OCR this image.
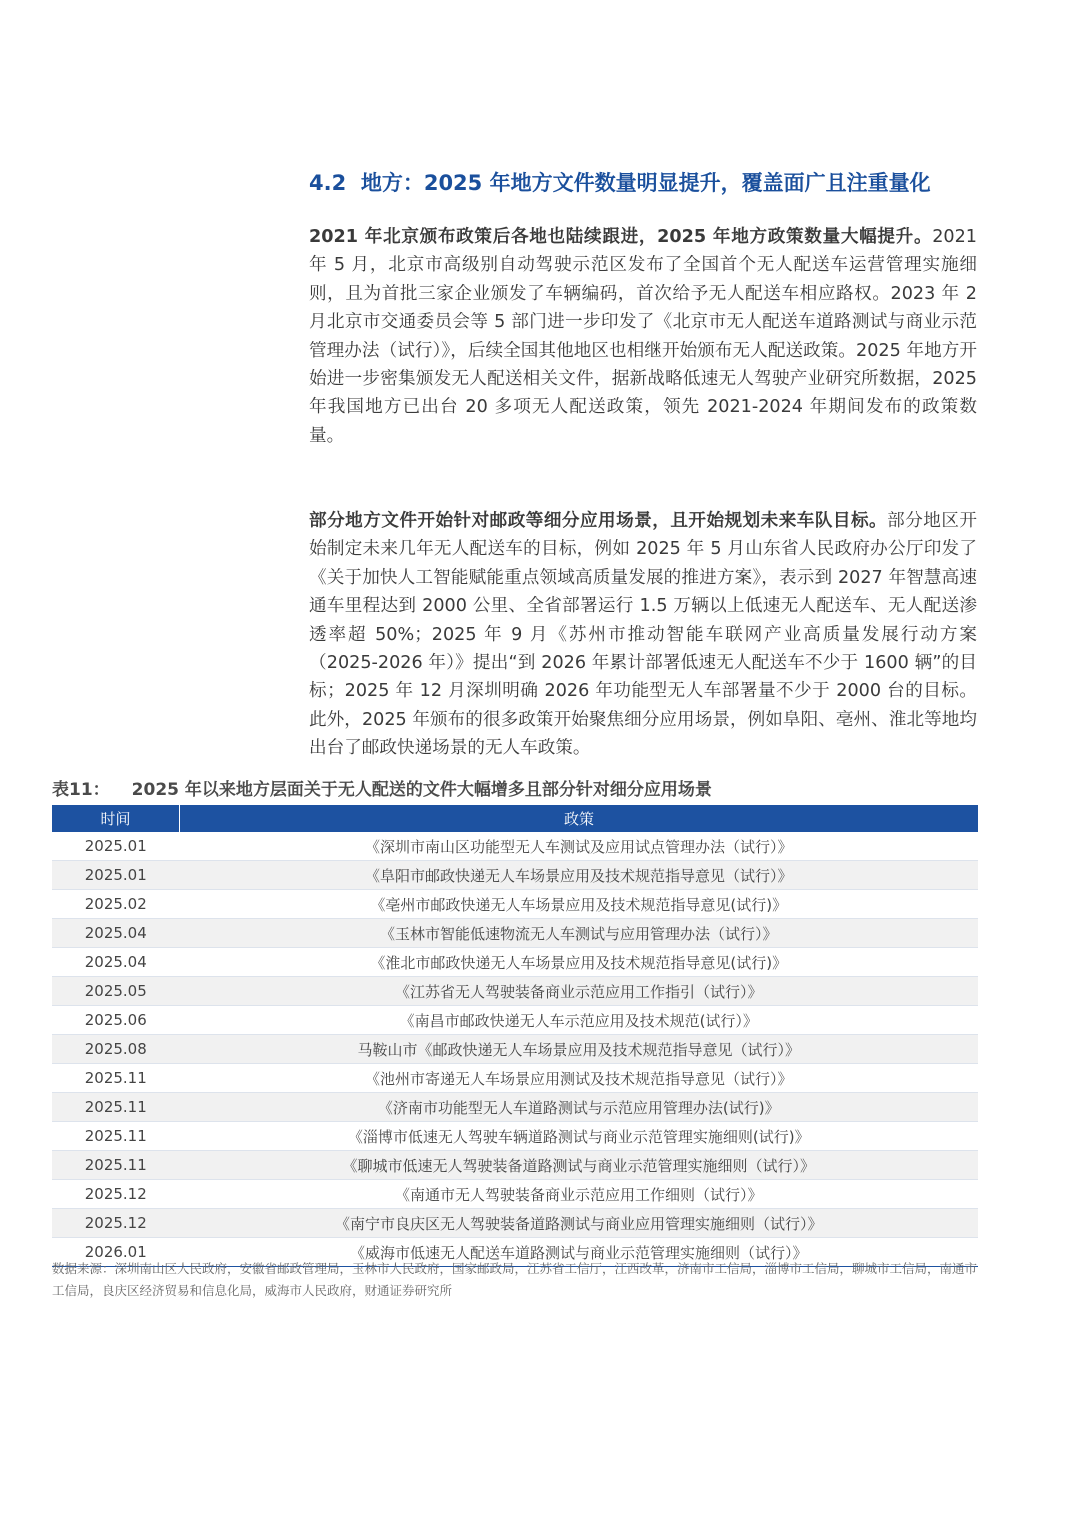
4.2 地方：2025 年地方文件数量明显提升，覆盖面广且注重量化

2021 年北京颁布政策后各地也陆续跟进，2025 年地方政策数量大幅提升。2021 年 5 月，北京市高级别自动驾驶示范区发布了全国首个无人配送车运营管理实施细则，且为首批三家企业颁发了车辆编码，首次给予无人配送车相应路权。2023 年 2 月北京市交通委员会等 5 部门进一步印发了《北京市无人配送车道路测试与商业示范管理办法（试行）》，后续全国其他地区也相继开始颁布无人配送政策。2025 年地方开始进一步密集颁发无人配送相关文件，据新战略低速无人驾驶产业研究所数据，2025 年我国地方已出台 20 多项无人配送政策，领先 2021-2024 年期间发布的政策数量。

部分地方文件开始针对邮政等细分应用场景，且开始规划未来车队目标。部分地区开始制定未来几年无人配送车的目标，例如 2025 年 5 月山东省人民政府办公厅印发了《关于加快人工智能赋能重点领域高质量发展的推进方案》，表示到 2027 年智慧高速通车里程达到 2000 公里、全省部署运行 1.5 万辆以上低速无人配送车、无人配送渗透率超 50%；2025 年 9 月《苏州市推动智能车联网产业高质量发展行动方案（2025-2026 年）》提出“到 2026 年累计部署低速无人配送车不少于 1600 辆”的目标；2025 年 12 月深圳明确 2026 年功能型无人车部署量不少于 2000 台的目标。此外，2025 年颁布的很多政策开始聚焦细分应用场景，例如阜阳、亳州、淮北等地均出台了邮政快递场景的无人车政策。

表11： 2025 年以来地方层面关于无人配送的文件大幅增多且部分针对细分应用场景
时间	政策
2025.01	《深圳市南山区功能型无人车测试及应用试点管理办法（试行）》
2025.01	《阜阳市邮政快递无人车场景应用及技术规范指导意见（试行）》
2025.02	《亳州市邮政快递无人车场景应用及技术规范指导意见(试行)》
2025.04	《玉林市智能低速物流无人车测试与应用管理办法（试行）》
2025.04	《淮北市邮政快递无人车场景应用及技术规范指导意见(试行)》
2025.05	《江苏省无人驾驶装备商业示范应用工作指引（试行）》
2025.06	《南昌市邮政快递无人车示范应用及技术规范(试行）》
2025.08	马鞍山市《邮政快递无人车场景应用及技术规范指导意见（试行）》
2025.11	《池州市寄递无人车场景应用测试及技术规范指导意见（试行）》
2025.11	《济南市功能型无人车道路测试与示范应用管理办法(试行)》
2025.11	《淄博市低速无人驾驶车辆道路测试与商业示范管理实施细则(试行)》
2025.11	《聊城市低速无人驾驶装备道路测试与商业示范管理实施细则（试行）》
2025.12	《南通市无人驾驶装备商业示范应用工作细则（试行）》
2025.12	《南宁市良庆区无人驾驶装备道路测试与商业应用管理实施细则（试行）》
2026.01	《威海市低速无人配送车道路测试与商业示范管理实施细则（试行）》

数据来源：深圳南山区人民政府，安徽省邮政管理局，玉林市人民政府，国家邮政局，江苏省工信厅，江西改革，济南市工信局，淄博市工信局，聊城市工信局，南通市工信局，良庆区经济贸易和信息化局，威海市人民政府，财通证券研究所
